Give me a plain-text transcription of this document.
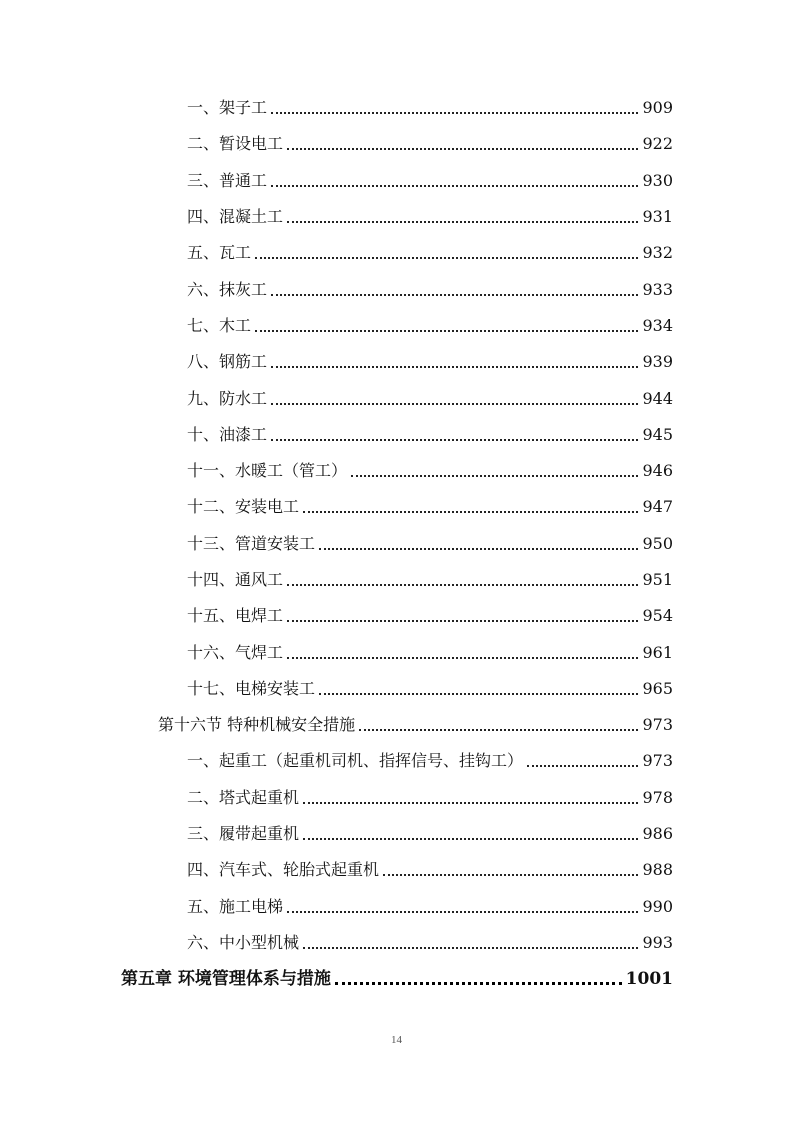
一、架子工	909
二、暂设电工	922
三、普通工	930
四、混凝土工	931
五、瓦工	932
六、抹灰工	933
七、木工	934
八、钢筋工	939
九、防水工	944
十、油漆工	945
十一、水暖工（管工）	946
十二、安装电工	947
十三、管道安装工	950
十四、通风工	951
十五、电焊工	954
十六、气焊工	961
十七、电梯安装工	965
第十六节 特种机械安全措施	973
一、起重工（起重机司机、指挥信号、挂钩工）	973
二、塔式起重机	978
三、履带起重机	986
四、汽车式、轮胎式起重机	988
五、施工电梯	990
六、中小型机械	993
第五章 环境管理体系与措施	1001
14
